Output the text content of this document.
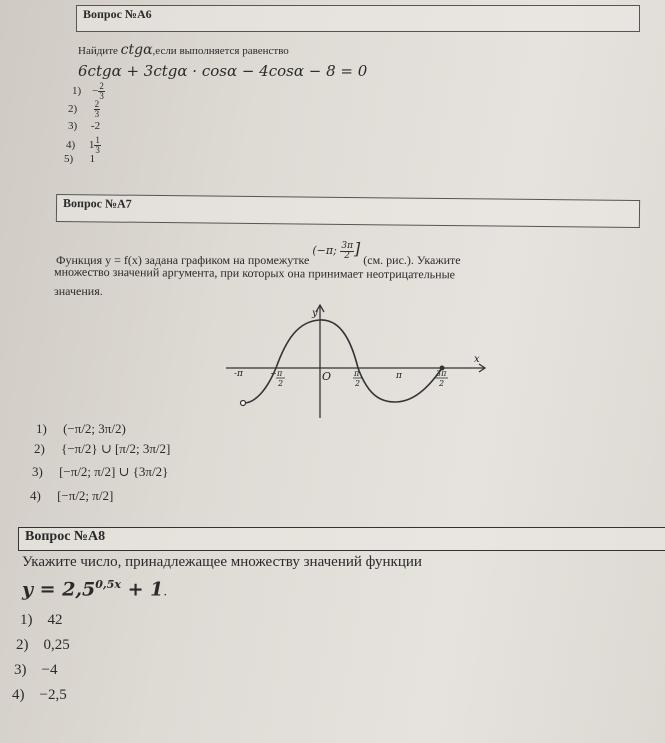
Вопрос №А6
Найдите ctgα,если выполняется равенство
6ctgα + 3ctgα · cosα − 4cosα − 8 = 0
$1) - \frac{2}{3}$
$2) \frac{2}{3}$
3) -2
4) $1 \frac{1}{3}$
5) 1
Вопрос №А7
Функция y = f(x) задана графиком на промежутке (−π; $\frac{3\pi}{2}$ ] (см. рис.). Укажите
множество значений аргумента, при которых она принимает неотрицательные
значения.
y
x
O
-π	− π
2
π
2
π	3π
2
1) (−π/2; 3π/2)
2) {−π/2} ∪ [π/2; 3π/2]
3) [−π/2; π/2] ∪ {3π/2}
4) [−π/2; π/2]
Вопрос №А8
Укажите число, принадлежащее множеству значений функции
$y = 2,5^{0,5x} + 1$.
1) 42
2) 0,25
3) −4
4) −2,5
